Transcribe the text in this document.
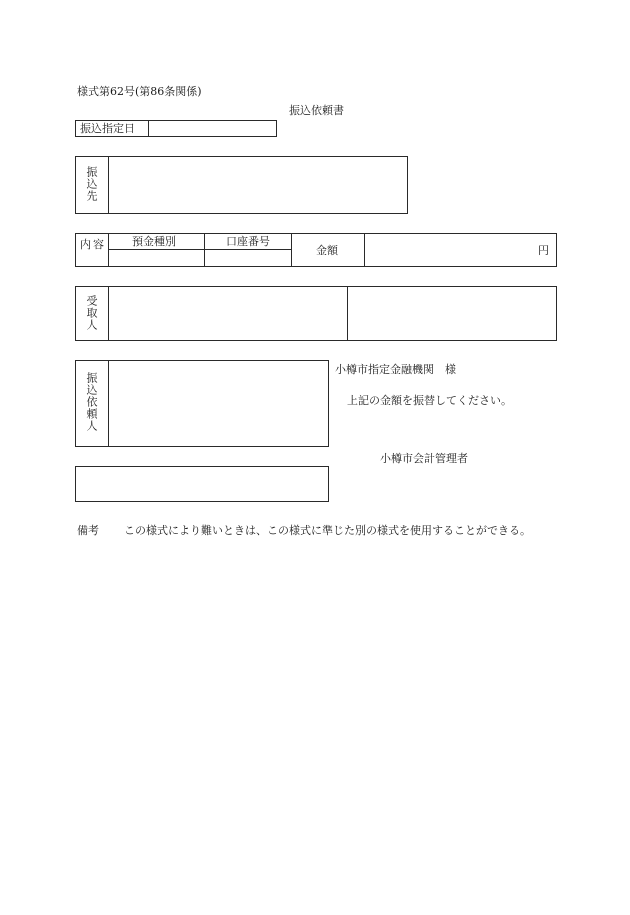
様式第62号(第86条関係)
振込依頼書
振込指定日
振込先
内容 預金種別	口座番号
金額	円
受取人
振込依頼人
小樽市指定金融機関　様
上記の金額を振替してください。
小樽市会計管理者
備考 この様式により難いときは、この様式に準じた別の様式を使用することができる。
